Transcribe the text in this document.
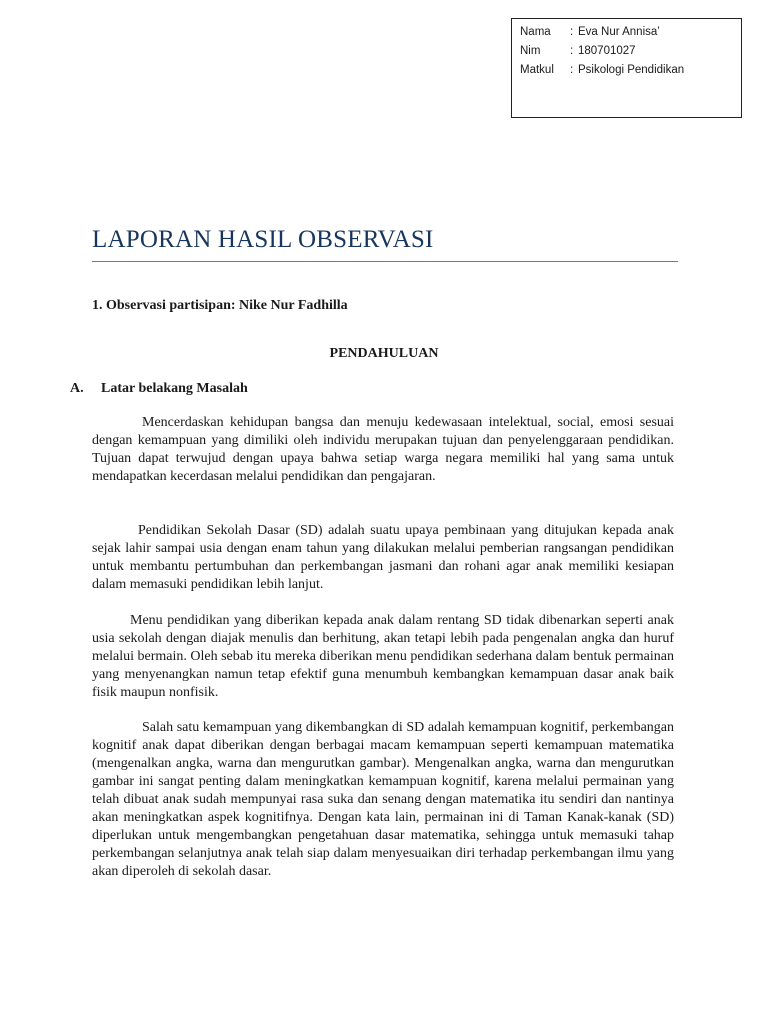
Nama	: Eva Nur Annisa’
Nim	: 180701027
Matkul	: Psikologi Pendidikan
LAPORAN HASIL OBSERVASI
1. Observasi partisipan: Nike Nur Fadhilla
PENDAHULUAN
A.	Latar belakang Masalah

Mencerdaskan kehidupan bangsa dan menuju kedewasaan intelektual, social, emosi sesuai dengan kemampuan yang dimiliki oleh individu merupakan tujuan dan penyelenggaraan pendidikan. Tujuan dapat terwujud dengan upaya bahwa setiap warga negara memiliki hal yang sama untuk mendapatkan kecerdasan melalui pendidikan dan pengajaran.

Pendidikan Sekolah Dasar (SD) adalah suatu upaya pembinaan yang ditujukan kepada anak sejak lahir sampai usia dengan enam tahun yang dilakukan melalui pemberian rangsangan pendidikan untuk membantu pertumbuhan dan perkembangan jasmani dan rohani agar anak memiliki kesiapan dalam memasuki pendidikan lebih lanjut.

Menu pendidikan yang diberikan kepada anak dalam rentang SD tidak dibenarkan seperti anak usia sekolah dengan diajak menulis dan berhitung, akan tetapi lebih pada pengenalan angka dan huruf melalui bermain. Oleh sebab itu mereka diberikan menu pendidikan sederhana dalam bentuk permainan yang menyenangkan namun tetap efektif guna menumbuh kembangkan kemampuan dasar anak baik fisik maupun nonfisik.

Salah satu kemampuan yang dikembangkan di SD adalah kemampuan kognitif, perkembangan kognitif anak dapat diberikan dengan berbagai macam kemampuan seperti kemampuan matematika (mengenalkan angka, warna dan mengurutkan gambar). Mengenalkan angka, warna dan mengurutkan gambar ini sangat penting dalam meningkatkan kemampuan kognitif, karena melalui permainan yang telah dibuat anak sudah mempunyai rasa suka dan senang dengan matematika itu sendiri dan nantinya akan meningkatkan aspek kognitifnya. Dengan kata lain, permainan ini di Taman Kanak-kanak (SD) diperlukan untuk mengembangkan pengetahuan dasar matematika, sehingga untuk memasuki tahap perkembangan selanjutnya anak telah siap dalam menyesuaikan diri terhadap perkembangan ilmu yang akan diperoleh di sekolah dasar.
